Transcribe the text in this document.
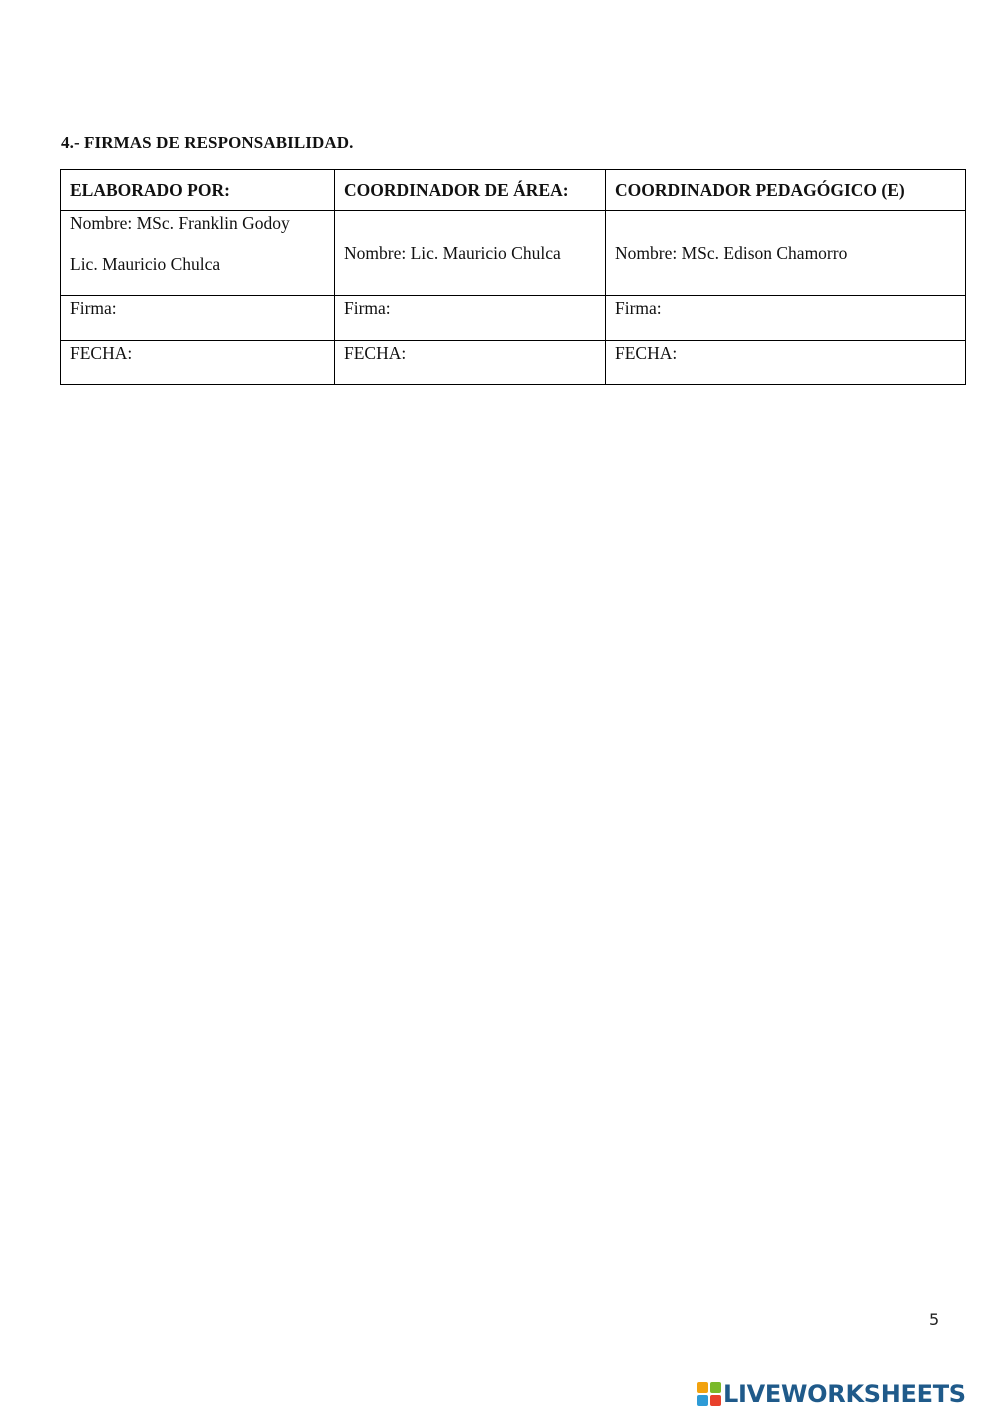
4.- FIRMAS DE RESPONSABILIDAD.
ELABORADO POR:	COORDINADOR DE ÁREA:	COORDINADOR PEDAGÓGICO (E)

Nombre: MSc. Franklin Godoy
Lic. Mauricio Chulca	Nombre: Lic. Mauricio Chulca	Nombre: MSc. Edison Chamorro
Firma:	Firma:	Firma:
FECHA:	FECHA:	FECHA:
5
LIVEWORKSHEETS
